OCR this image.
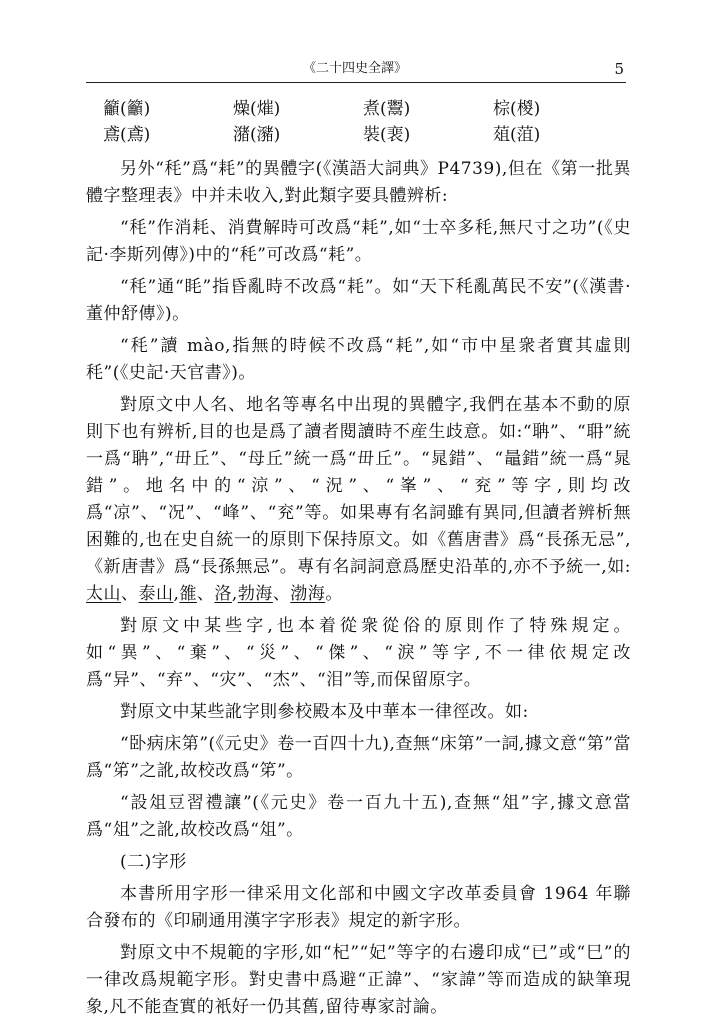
《二十四史全譯》	5
籲(籲)	燥(熣)	煮(鬻)	棕(椶)
鳶(鳶)	潴(瀦)	裝(裵)	葅(菹)

另外“秏”爲“耗”的異體字(《漢語大詞典》P4739),但在《第一批異體字整理表》中并未收入,對此類字要具體辨析:

“秏”作消耗、消費解時可改爲“耗”,如“士卒多秏,無尺寸之功”(《史記·李斯列傳》)中的“秏”可改爲“耗”。

“秏”通“眊”指昏亂時不改爲“耗”。如“天下秏亂萬民不安”(《漢書·董仲舒傳》)。

“秏”讀 mào,指無的時候不改爲“耗”,如“市中星衆者實其虛則秏”(《史記·天官書》)。

對原文中人名、地名等專名中出現的異體字,我們在基本不動的原則下也有辨析,目的也是爲了讀者閱讀時不産生歧意。如:“聃”、“耼”統一爲“聃”,“毌丘”、“母丘”統一爲“毌丘”。“晁錯”、“鼂錯”統一爲“晁錯”。地名中的“涼”、“況”、“峯”、“兖”等字,則均改爲“凉”、“况”、“峰”、“兖”等。如果專有名詞雖有異同,但讀者辨析無困難的,也在史自統一的原則下保持原文。如《舊唐書》爲“長孫无忌”,《新唐書》爲“長孫無忌”。專有名詞詞意爲歷史沿革的,亦不予統一,如:太山、泰山,雒、洛,勃海、渤海。

對原文中某些字,也本着從衆從俗的原則作了特殊規定。如“異”、“棄”、“災”、“傑”、“淚”等字,不一律依規定改爲“异”、“弃”、“灾”、“杰”、“泪”等,而保留原字。

對原文中某些訛字則參校殿本及中華本一律徑改。如:

“卧病床第”(《元史》卷一百四十九),查無“床第”一詞,據文意“第”當爲“笫”之訛,故校改爲“笫”。

“設俎豆習禮讓”(《元史》卷一百九十五),查無“俎”字,據文意當爲“俎”之訛,故校改爲“俎”。

(二)字形

本書所用字形一律采用文化部和中國文字改革委員會 1964 年聯合發布的《印刷通用漢字字形表》規定的新字形。

對原文中不規範的字形,如“杞”“妃”等字的右邊印成“已”或“巳”的一律改爲規範字形。對史書中爲避“正諱”、“家諱”等而造成的缺筆現象,凡不能查實的衹好一仍其舊,留待專家討論。
